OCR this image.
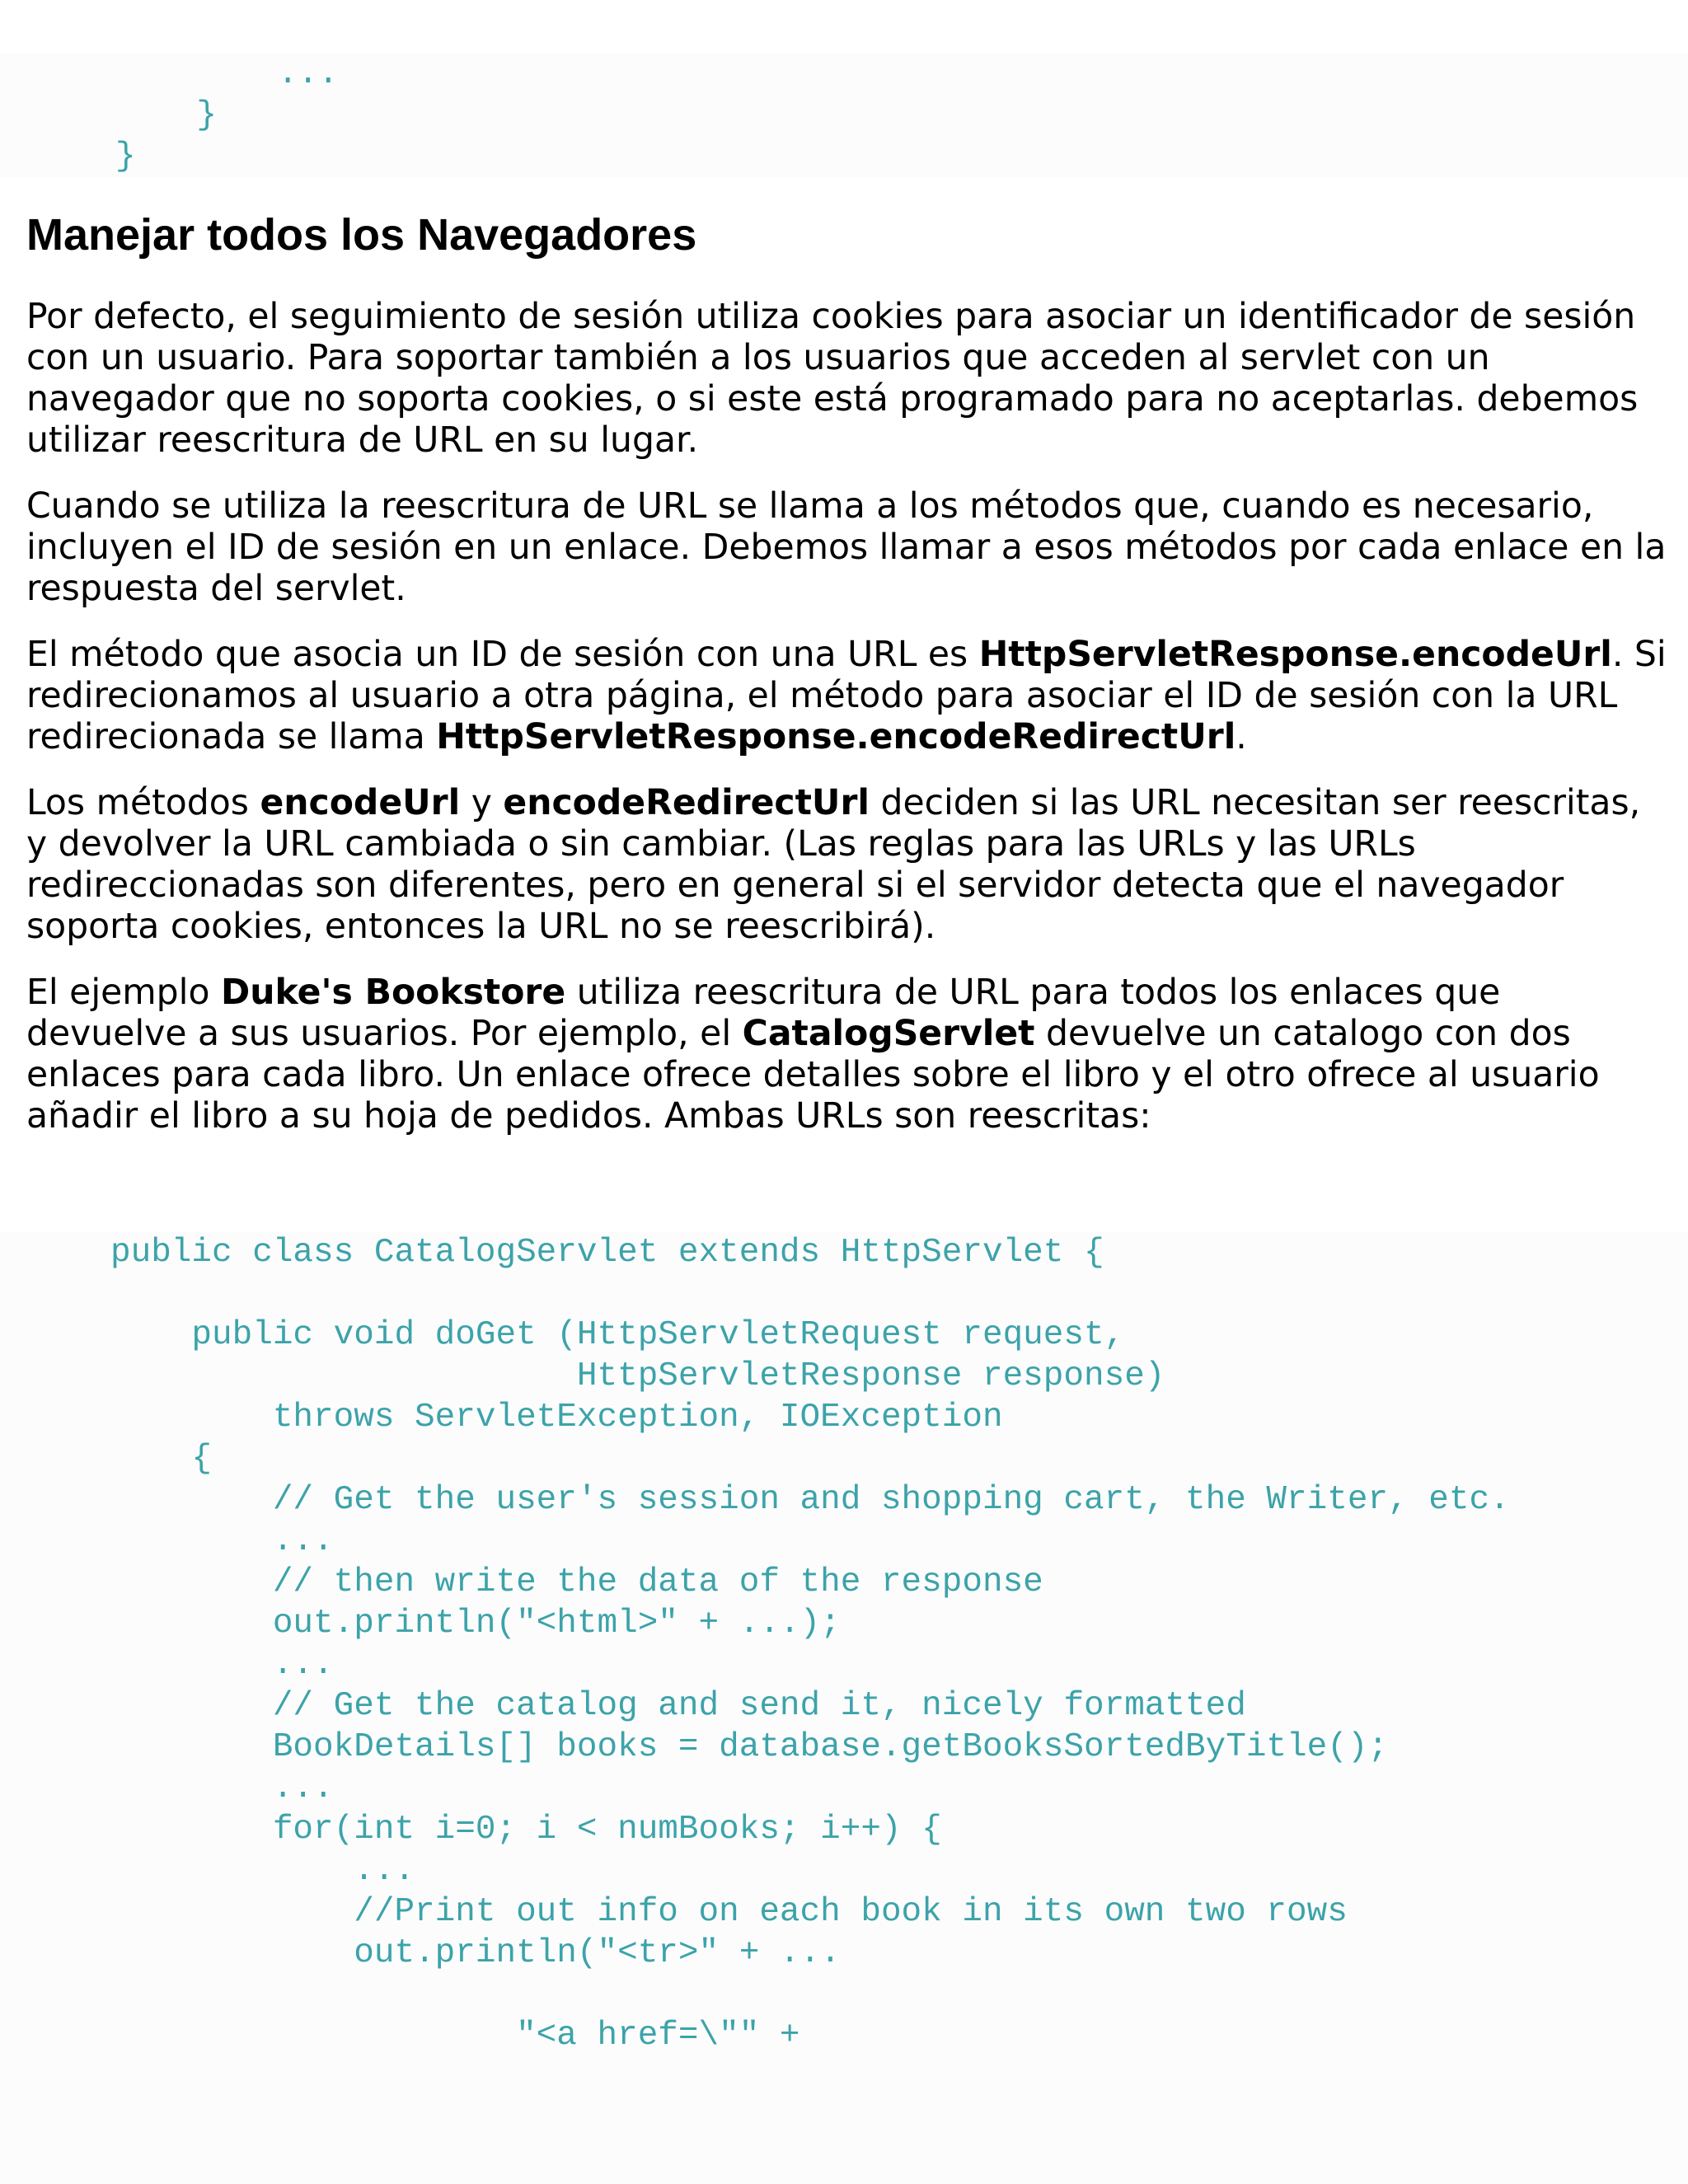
...
}
}
Manejar todos los Navegadores

Por defecto, el seguimiento de sesión utiliza cookies para asociar un identificador de sesión con un usuario. Para soportar también a los usuarios que acceden al servlet con un navegador que no soporta cookies, o si este está programado para no aceptarlas. debemos utilizar reescritura de URL en su lugar.

Cuando se utiliza la reescritura de URL se llama a los métodos que, cuando es necesario, incluyen el ID de sesión en un enlace. Debemos llamar a esos métodos por cada enlace en la respuesta del servlet.

El método que asocia un ID de sesión con una URL es HttpServletResponse.encodeUrl. Si redirecionamos al usuario a otra página, el método para asociar el ID de sesión con la URL redirecionada se llama HttpServletResponse.encodeRedirectUrl.

Los métodos encodeUrl y encodeRedirectUrl deciden si las URL necesitan ser reescritas, y devolver la URL cambiada o sin cambiar. (Las reglas para las URLs y las URLs redireccionadas son diferentes, pero en general si el servidor detecta que el navegador soporta cookies, entonces la URL no se reescribirá).

El ejemplo Duke's Bookstore utiliza reescritura de URL para todos los enlaces que devuelve a sus usuarios. Por ejemplo, el CatalogServlet devuelve un catalogo con dos enlaces para cada libro. Un enlace ofrece detalles sobre el libro y el otro ofrece al usuario añadir el libro a su hoja de pedidos. Ambas URLs son reescritas:

public class CatalogServlet extends HttpServlet {

public void doGet (HttpServletRequest request,
HttpServletResponse response)
throws ServletException, IOException
{
// Get the user's session and shopping cart, the Writer, etc.
...
// then write the data of the response
out.println("<html>" + ...);
...
// Get the catalog and send it, nicely formatted
BookDetails[] books = database.getBooksSortedByTitle();
...
for(int i=0; i < numBooks; i++) {
...
//Print out info on each book in its own two rows
out.println("<tr>" + ...

"<a href=\"" +
